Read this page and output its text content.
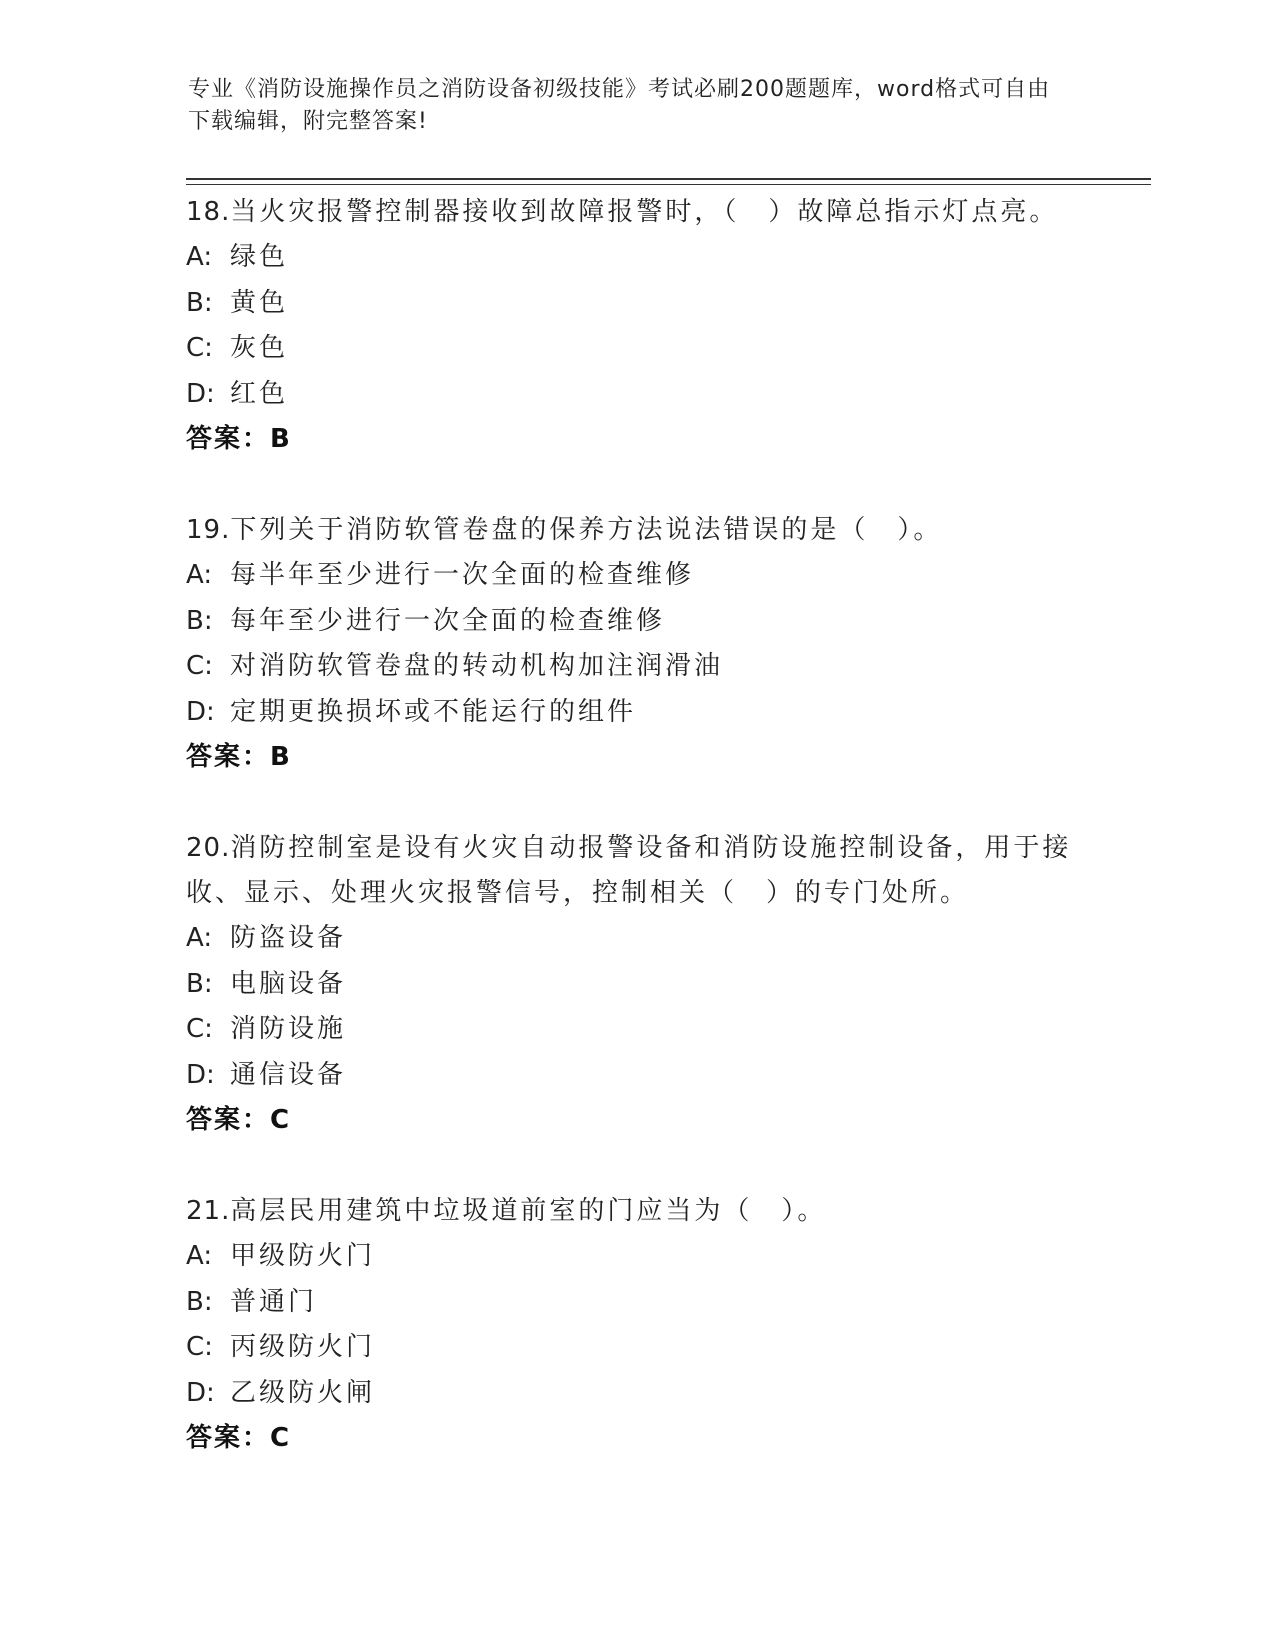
专业《消防设施操作员之消防设备初级技能》考试必刷200题题库，word格式可自由下载编辑，附完整答案!

18.当火灾报警控制器接收到故障报警时，（　）故障总指示灯点亮。

A: 绿色
B: 黄色
C: 灰色
D: 红色
答案：B

19.下列关于消防软管卷盘的保养方法说法错误的是（　）。

A: 每半年至少进行一次全面的检查维修
B: 每年至少进行一次全面的检查维修
C: 对消防软管卷盘的转动机构加注润滑油
D: 定期更换损坏或不能运行的组件
答案：B

20.消防控制室是设有火灾自动报警设备和消防设施控制设备，用于接收、显示、处理火灾报警信号，控制相关（　）的专门处所。

A: 防盗设备
B: 电脑设备
C: 消防设施
D: 通信设备
答案：C

21.高层民用建筑中垃圾道前室的门应当为（　）。

A: 甲级防火门
B: 普通门
C: 丙级防火门
D: 乙级防火闸
答案：C
